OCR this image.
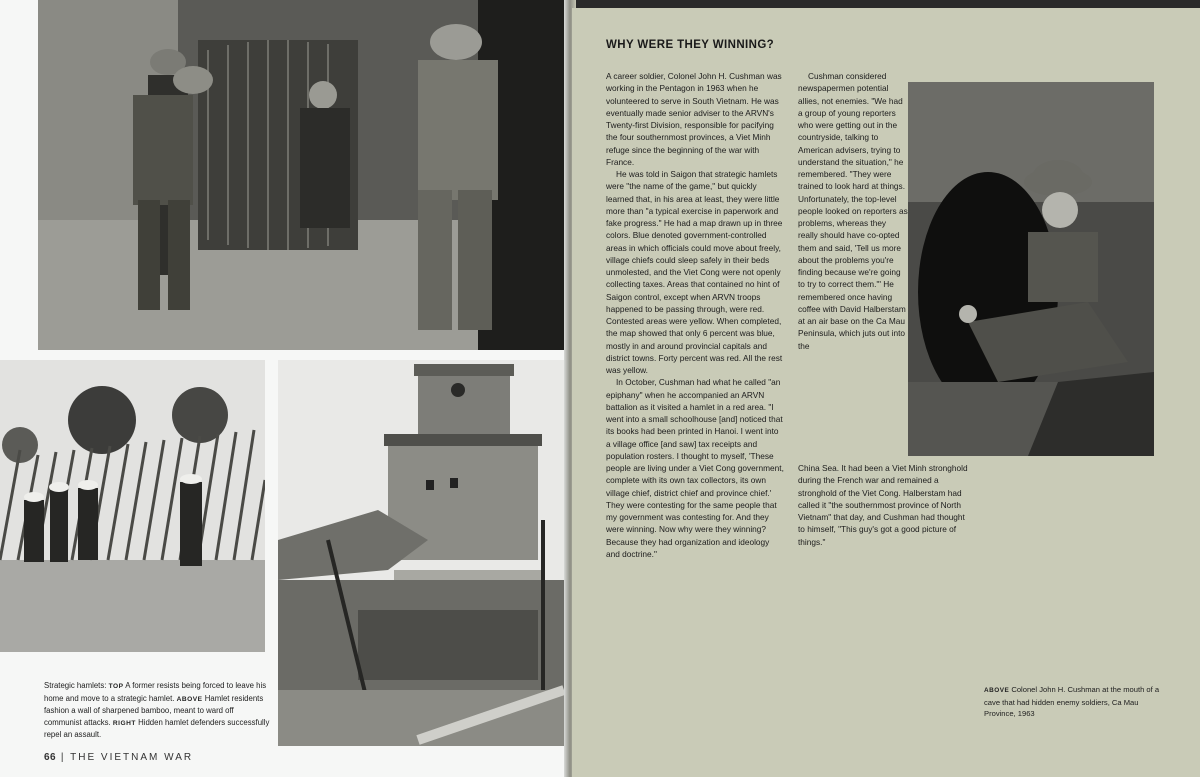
Strategic hamlets: TOP A former resists being forced to leave his home and move to a strategic hamlet. ABOVE Hamlet residents fashion a wall of sharpened bamboo, meant to ward off communist attacks. RIGHT Hidden hamlet defenders successfully repel an assault.
66 | THE VIETNAM WAR
WHY WERE THEY WINNING?

A career soldier, Colonel John H. Cushman was working in the Pentagon in 1963 when he volunteered to serve in South Vietnam. He was eventually made senior adviser to the ARVN's Twenty-first Division, responsible for pacifying the four southernmost provinces, a Viet Minh refuge since the beginning of the war with France.

He was told in Saigon that strategic hamlets were "the name of the game," but quickly learned that, in his area at least, they were little more than "a typical exercise in paperwork and fake progress." He had a map drawn up in three colors. Blue denoted government-controlled areas in which officials could move about freely, village chiefs could sleep safely in their beds unmolested, and the Viet Cong were not openly collecting taxes. Areas that contained no hint of Saigon control, except when ARVN troops happened to be passing through, were red. Contested areas were yellow. When completed, the map showed that only 6 percent was blue, mostly in and around provincial capitals and district towns. Forty percent was red. All the rest was yellow.

In October, Cushman had what he called "an epiphany" when he accompanied an ARVN battalion as it visited a hamlet in a red area. "I went into a small schoolhouse [and] noticed that its books had been printed in Hanoi. I went into a village office [and saw] tax receipts and population rosters. I thought to myself, 'These people are living under a Viet Cong government, complete with its own tax collectors, its own village chief, district chief and province chief.' They were contesting for the same people that my government was contesting for. And they were winning. Now why were they winning? Because they had organization and ideology and doctrine."

Cushman considered newspapermen potential allies, not enemies. "We had a group of young reporters who were getting out in the countryside, talking to American advisers, trying to understand the situation," he remembered. "They were trained to look hard at things. Unfortunately, the top-level people looked on reporters as problems, whereas they really should have co-opted them and said, 'Tell us more about the problems you're finding because we're going to try to correct them.'" He remembered once having coffee with David Halberstam at an air base on the Ca Mau Peninsula, which juts out into the

China Sea. It had been a Viet Minh stronghold during the French war and remained a stronghold of the Viet Cong. Halberstam had called it "the southernmost province of North Vietnam" that day, and Cushman had thought to himself, "This guy's got a good picture of things."

ABOVE Colonel John H. Cushman at the mouth of a cave that had hidden enemy soldiers, Ca Mau Province, 1963
